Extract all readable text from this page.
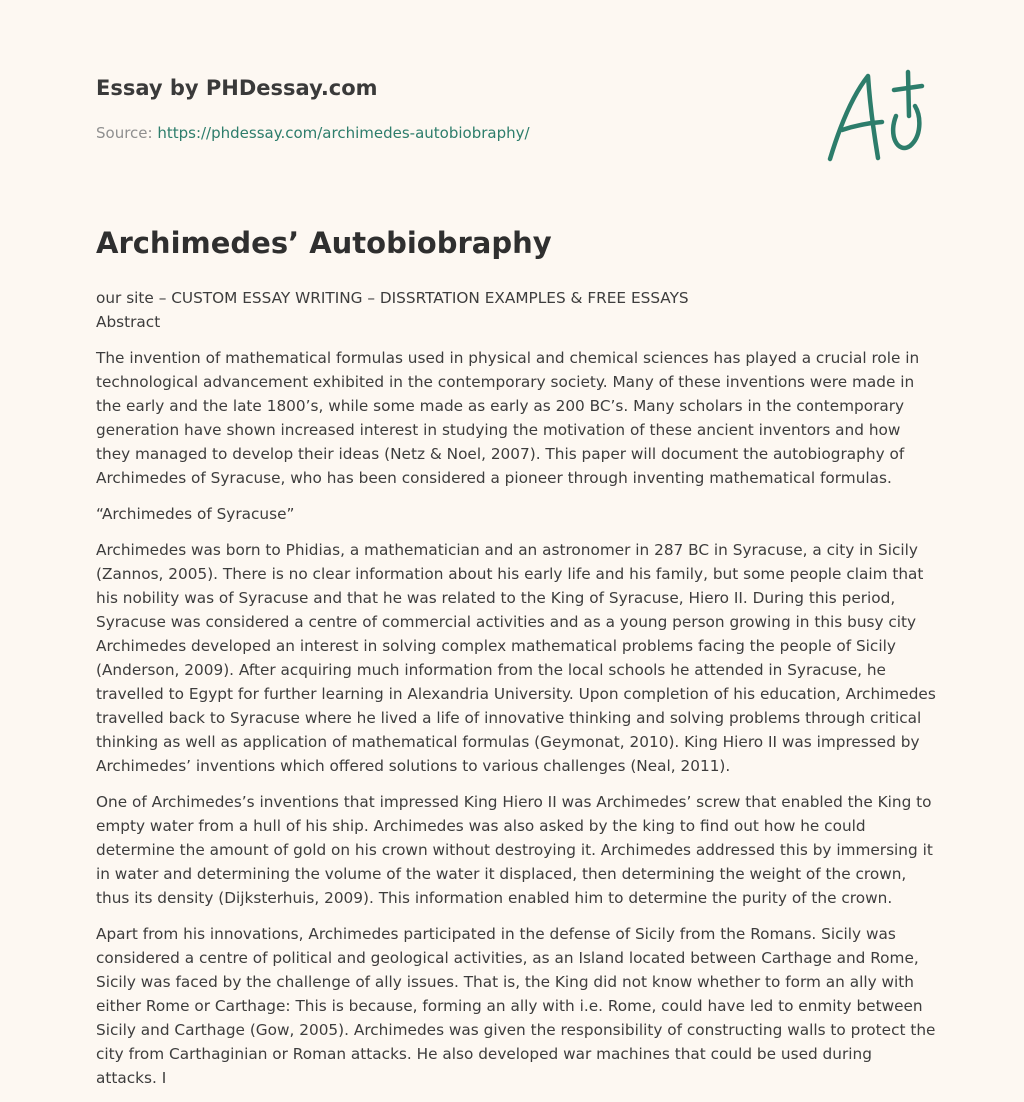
Essay by PHDessay.com
Source: https://phdessay.com/archimedes-autobiobraphy/
Archimedes’ Autobiobraphy

our site – CUSTOM ESSAY WRITING – DISSRTATION EXAMPLES & FREE ESSAYS
Abstract

The invention of mathematical formulas used in physical and chemical sciences has played a crucial role in technological advancement exhibited in the contemporary society. Many of these inventions were made in the early and the late 1800’s, while some made as early as 200 BC’s. Many scholars in the contemporary generation have shown increased interest in studying the motivation of these ancient inventors and how they managed to develop their ideas (Netz & Noel, 2007). This paper will document the autobiography of Archimedes of Syracuse, who has been considered a pioneer through inventing mathematical formulas.

“Archimedes of Syracuse”

Archimedes was born to Phidias, a mathematician and an astronomer in 287 BC in Syracuse, a city in Sicily (Zannos, 2005). There is no clear information about his early life and his family, but some people claim that his nobility was of Syracuse and that he was related to the King of Syracuse, Hiero II. During this period, Syracuse was considered a centre of commercial activities and as a young person growing in this busy city Archimedes developed an interest in solving complex mathematical problems facing the people of Sicily (Anderson, 2009). After acquiring much information from the local schools he attended in Syracuse, he travelled to Egypt for further learning in Alexandria University. Upon completion of his education, Archimedes travelled back to Syracuse where he lived a life of innovative thinking and solving problems through critical thinking as well as application of mathematical formulas (Geymonat, 2010). King Hiero II was impressed by Archimedes’ inventions which offered solutions to various challenges (Neal, 2011).

One of Archimedes’s inventions that impressed King Hiero II was Archimedes’ screw that enabled the King to empty water from a hull of his ship. Archimedes was also asked by the king to find out how he could determine the amount of gold on his crown without destroying it. Archimedes addressed this by immersing it in water and determining the volume of the water it displaced, then determining the weight of the crown, thus its density (Dijksterhuis, 2009). This information enabled him to determine the purity of the crown.

Apart from his innovations, Archimedes participated in the defense of Sicily from the Romans. Sicily was considered a centre of political and geological activities, as an Island located between Carthage and Rome, Sicily was faced by the challenge of ally issues. That is, the King did not know whether to form an ally with either Rome or Carthage: This is because, forming an ally with i.e. Rome, could have led to enmity between Sicily and Carthage (Gow, 2005). Archimedes was given the responsibility of constructing walls to protect the city from Carthaginian or Roman attacks. He also developed war machines that could be used during attacks. I
